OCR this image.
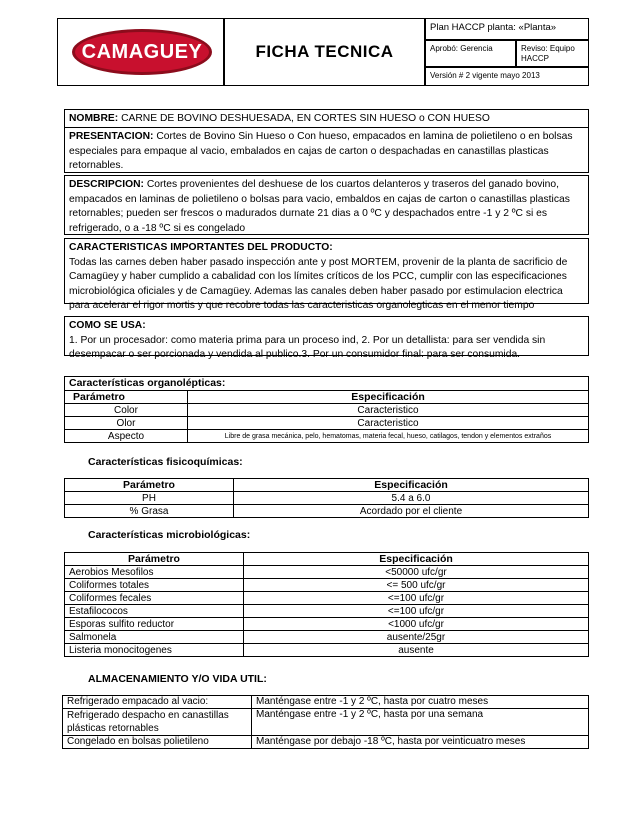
CAMAGUEY	FICHA TECNICA
Plan HACCP planta: «Planta»
Aprobó: Gerencia	Reviso: Equipo HACCP
Versión # 2 vigente mayo 2013
NOMBRE: CARNE DE BOVINO DESHUESADA, EN CORTES SIN HUESO o CON HUESO
PRESENTACION: Cortes de Bovino Sin Hueso o Con hueso, empacados en lamina de polietileno o en bolsas especiales para empaque al vacio, embalados en cajas de carton o despachadas en canastillas plasticas retornables.
DESCRIPCION: Cortes provenientes del deshuese de los cuartos delanteros y traseros del ganado bovino, empacados en laminas de polietileno o bolsas para vacio, embaldos en cajas de carton o canastillas plasticas retornables; pueden ser frescos o madurados durnate 21 dias a 0 ºC y despachados entre -1 y 2 ºC si es refrigerado, o a -18 ºC si es congelado
CARACTERISTICAS IMPORTANTES DEL PRODUCTO:
Todas las carnes deben haber pasado inspección ante y post MORTEM, provenir de la planta de sacrificio de Camagüey y haber cumplido a cabalidad con los límites críticos de los PCC, cumplir con las especificaciones microbiológica oficiales y de Camagüey. Ademas las canales deben haber pasado por estimulacion electrica para acelerar el rigor mortis y que recobre todas las caracteristicas organolegticas en el menor tiempo
COMO SE USA:
1. Por un procesador: como materia prima para un proceso ind, 2. Por un detallista: para ser vendida sin desempacar o ser porcionada y vendida al publico.3. Por un consumidor final: para ser consumida.
Características organolépticas:	
Parámetro	Especificación
Color	Caracteristico
Olor	Caracteristico
Aspecto	Libre de grasa mecánica, pelo, hematomas, materia fecal, hueso, catilagos, tendon y elementos extraños
Características fisicoquímicas:
Parámetro	Especificación
PH	5.4 a 6.0
% Grasa	Acordado por el cliente
Características microbiológicas:
Parámetro	Especificación
Aerobios Mesofilos	<50000 ufc/gr
Coliformes totales	<= 500 ufc/gr
Coliformes fecales	<=100 ufc/gr
Estafilococos	<=100 ufc/gr
Esporas sulfito reductor	<1000 ufc/gr
Salmonela	ausente/25gr
Listeria monocitogenes	ausente
ALMACENAMIENTO Y/O VIDA UTIL:
Refrigerado empacado al vacio:	Manténgase entre -1 y 2 ºC, hasta por cuatro meses
Refrigerado despacho en canastillas plásticas retornables	Manténgase entre -1 y 2 ºC, hasta por una semana
Congelado en bolsas polietileno	Manténgase por debajo -18 ºC, hasta por veinticuatro meses
